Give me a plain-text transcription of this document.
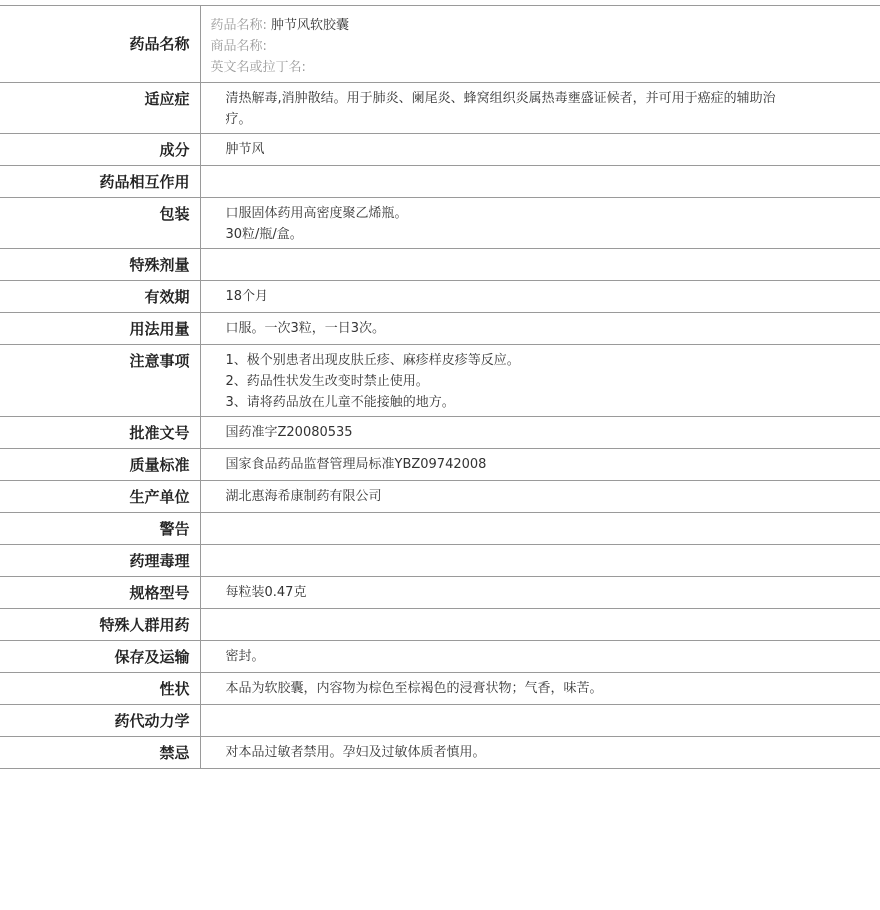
药品名称	药品名称: 肿节风软胶囊
商品名称:
英文名或拉丁名:

适应症	清热解毒,消肿散结。用于肺炎、阑尾炎、蜂窝组织炎属热毒壅盛证候者，并可用于癌症的辅助治疗。

成分	肿节风

药品相互作用	

包装	口服固体药用高密度聚乙烯瓶。
30粒/瓶/盒。

特殊剂量	

有效期	18个月

用法用量	口服。一次3粒，一日3次。

注意事项	1、极个别患者出现皮肤丘疹、麻疹样皮疹等反应。
2、药品性状发生改变时禁止使用。
3、请将药品放在儿童不能接触的地方。

批准文号	国药准字Z20080535

质量标准	国家食品药品监督管理局标准YBZ09742008

生产单位	湖北惠海希康制药有限公司

警告	

药理毒理	

规格型号	每粒装0.47克

特殊人群用药	

保存及运输	密封。

性状	本品为软胶囊，内容物为棕色至棕褐色的浸膏状物；气香，味苦。

药代动力学	

禁忌	对本品过敏者禁用。孕妇及过敏体质者慎用。
